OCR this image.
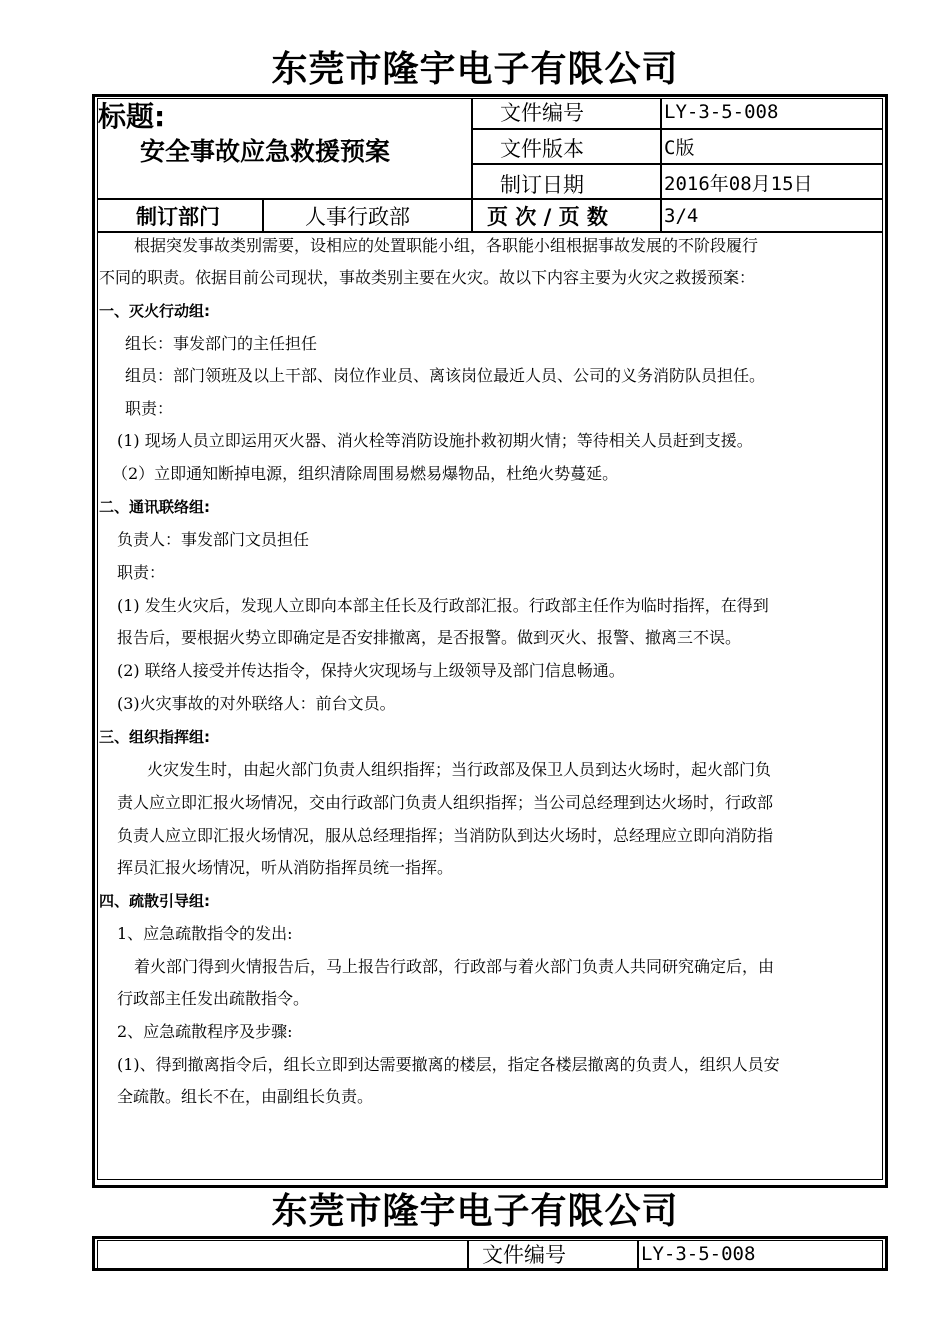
东莞市隆宇电子有限公司
标题:
安全事故应急救援预案
文件编号	LY-3-5-008
文件版本	C版
制订日期	2016年08月15日
制订部门	人事行政部	页 次 / 页 数	3/4
根据突发事故类别需要，设相应的处置职能小组，各职能小组根据事故发展的不阶段履行
不同的职责。依据目前公司现状，事故类别主要在火灾。故以下内容主要为火灾之救援预案：
一、灭火行动组:
组长：事发部门的主任担任
组员：部门领班及以上干部、岗位作业员、离该岗位最近人员、公司的义务消防队员担任。
职责：
(1) 现场人员立即运用灭火器、消火栓等消防设施扑救初期火情；等待相关人员赶到支援。
（2）立即通知断掉电源，组织清除周围易燃易爆物品，杜绝火势蔓延。
二、通讯联络组:
负责人：事发部门文员担任
职责：
(1) 发生火灾后，发现人立即向本部主任长及行政部汇报。行政部主任作为临时指挥，在得到
报告后，要根据火势立即确定是否安排撤离，是否报警。做到灭火、报警、撤离三不误。
(2) 联络人接受并传达指令，保持火灾现场与上级领导及部门信息畅通。
(3)火灾事故的对外联络人：前台文员。
三、组织指挥组:
火灾发生时，由起火部门负责人组织指挥；当行政部及保卫人员到达火场时，起火部门负
责人应立即汇报火场情况，交由行政部门负责人组织指挥；当公司总经理到达火场时，行政部
负责人应立即汇报火场情况，服从总经理指挥；当消防队到达火场时，总经理应立即向消防指
挥员汇报火场情况，听从消防指挥员统一指挥。
四、疏散引导组:
1、应急疏散指令的发出:
着火部门得到火情报告后，马上报告行政部，行政部与着火部门负责人共同研究确定后，由
行政部主任发出疏散指令。
2、应急疏散程序及步骤:
(1)、得到撤离指令后，组长立即到达需要撤离的楼层，指定各楼层撤离的负责人，组织人员安
全疏散。组长不在，由副组长负责。
东莞市隆宇电子有限公司
文件编号	LY-3-5-008
